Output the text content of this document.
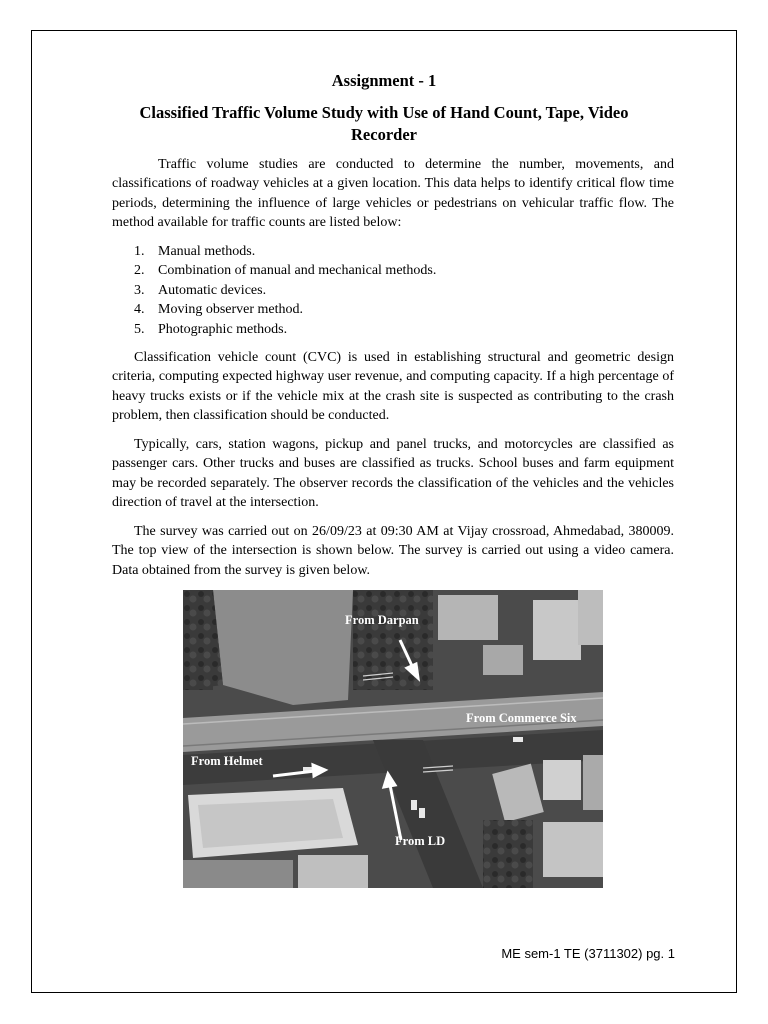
Assignment - 1
Classified Traffic Volume Study with Use of Hand Count, Tape, Video Recorder

Traffic volume studies are conducted to determine the number, movements, and classifications of roadway vehicles at a given location. This data helps to identify critical flow time periods, determining the influence of large vehicles or pedestrians on vehicular traffic flow. The method available for traffic counts are listed below:

1. Manual methods.
2. Combination of manual and mechanical methods.
3. Automatic devices.
4. Moving observer method.
5. Photographic methods.

Classification vehicle count (CVC) is used in establishing structural and geometric design criteria, computing expected highway user revenue, and computing capacity. If a high percentage of heavy trucks exists or if the vehicle mix at the crash site is suspected as contributing to the crash problem, then classification should be conducted.

Typically, cars, station wagons, pickup and panel trucks, and motorcycles are classified as passenger cars. Other trucks and buses are classified as trucks. School buses and farm equipment may be recorded separately. The observer records the classification of the vehicles and the vehicles direction of travel at the intersection.

The survey was carried out on 26/09/23 at 09:30 AM at Vijay crossroad, Ahmedabad, 380009. The top view of the intersection is shown below. The survey is carried out using a video camera. Data obtained from the survey is given below.

From Darpan
From Commerce Six
From Helmet
From LD
ME sem-1 TE (3711302) pg. 1
